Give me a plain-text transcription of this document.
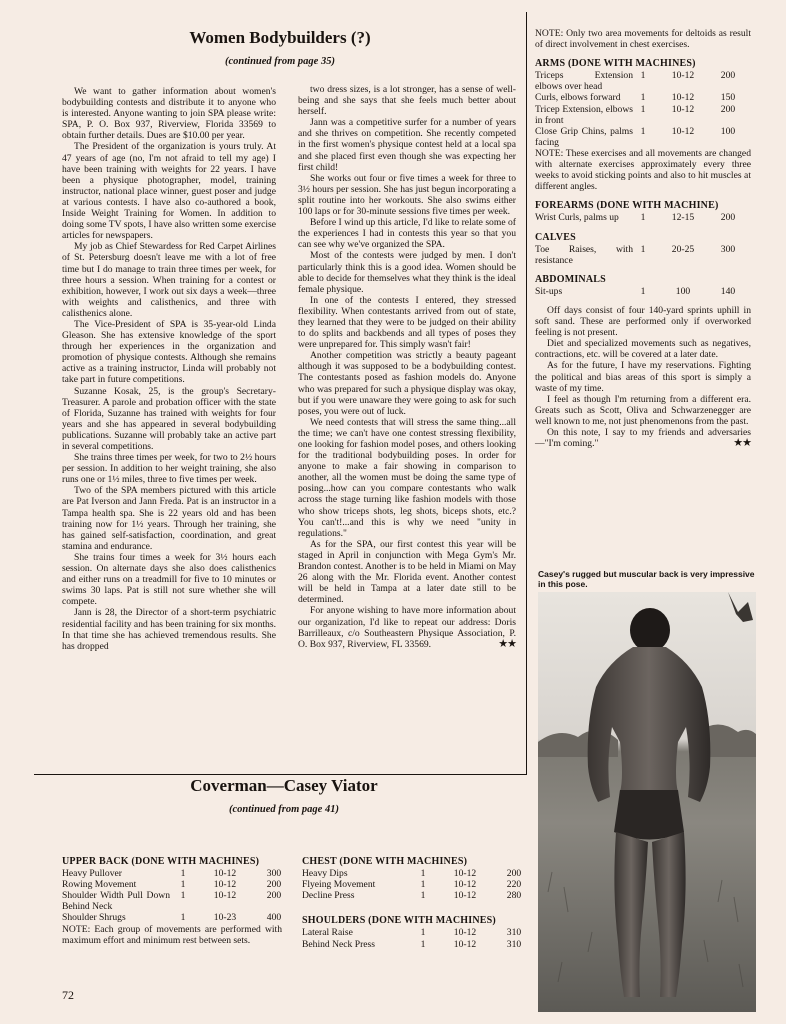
Women Bodybuilders (?)
(continued from page 35)

We want to gather information about women's bodybuilding contests and distribute it to anyone who is interested. Anyone wanting to join SPA please write: SPA, P. O. Box 937, Riverview, Florida 33569 to obtain further details. Dues are $10.00 per year.

The President of the organization is yours truly. At 47 years of age (no, I'm not afraid to tell my age) I have been training with weights for 22 years. I have been a physique photographer, model, training instructor, national place winner, guest poser and judge at various contests. I have also co-authored a book, Inside Weight Training for Women. In addition to doing some TV spots, I have also written some exercise articles for newspapers.

My job as Chief Stewardess for Red Carpet Airlines of St. Petersburg doesn't leave me with a lot of free time but I do manage to train three times per week, for three hours a session. When training for a contest or exhibition, however, I work out six days a week—three with weights and calisthenics, and three with calisthenics alone.

The Vice-President of SPA is 35-year-old Linda Gleason. She has extensive knowledge of the sport through her experiences in the organization and promotion of physique contests. Although she remains active as a training instructor, Linda will probably not take part in future competitions.

Suzanne Kosak, 25, is the group's Secretary-Treasurer. A parole and probation officer with the state of Florida, Suzanne has trained with weights for four years and she has appeared in several bodybuilding publications. Suzanne will probably take an active part in several competitions.

She trains three times per week, for two to 2½ hours per session. In addition to her weight training, she also runs one or 1½ miles, three to five times per week.

Two of the SPA members pictured with this article are Pat Iverson and Jann Freda. Pat is an instructor in a Tampa health spa. She is 22 years old and has been training now for 1½ years. Through her training, she has gained self-satisfaction, coordination, and great stamina and endurance.

She trains four times a week for 3½ hours each session. On alternate days she also does calisthenics and either runs on a treadmill for five to 10 minutes or swims 30 laps. Pat is still not sure whether she will compete.

Jann is 28, the Director of a short-term psychiatric residential facility and has been training for six months. In that time she has achieved tremendous results. She has dropped

two dress sizes, is a lot stronger, has a sense of well-being and she says that she feels much better about herself.

Jann was a competitive surfer for a number of years and she thrives on competition. She recently competed in the first women's physique contest held at a local spa and she placed first even though she was expecting her first child!

She works out four or five times a week for three to 3½ hours per session. She has just begun incorporating a split routine into her workouts. She also swims either 100 laps or for 30-minute sessions five times per week.

Before I wind up this article, I'd like to relate some of the experiences I had in contests this year so that you can see why we've organized the SPA.

Most of the contests were judged by men. I don't particularly think this is a good idea. Women should be able to decide for themselves what they think is the ideal female physique.

In one of the contests I entered, they stressed flexibility. When contestants arrived from out of state, they learned that they were to be judged on their ability to do splits and backbends and all types of poses they were unprepared for. This simply wasn't fair!

Another competition was strictly a beauty pageant although it was supposed to be a bodybuilding contest. The contestants posed as fashion models do. Anyone who was prepared for such a physique display was okay, but if you were unaware they were going to ask for such poses, you were out of luck.

We need contests that will stress the same thing...all the time; we can't have one contest stressing flexibility, one looking for fashion model poses, and others looking for the traditional bodybuilding poses. In order for anyone to make a fair showing in comparison to another, all the women must be doing the same type of posing...how can you compare contestants who walk across the stage turning like fashion models with those who show triceps shots, leg shots, biceps shots, etc.? You can't!...and this is why we need "unity in regulations."

As for the SPA, our first contest this year will be staged in April in conjunction with Mega Gym's Mr. Brandon contest. Another is to be held in Miami on May 26 along with the Mr. Florida event. Another contest will be held in Tampa at a later date still to be determined.

For anyone wishing to have more information about our organization, I'd like to repeat our address: Doris Barrilleaux, c/o Southeastern Physique Association, P. O. Box 937, Riverview, FL 33569.	★★

NOTE: Only two area movements for deltoids as result of direct involvement in chest exercises.

ARMS (DONE WITH MACHINES)
Triceps Extension elbows over head
1	10-12	200
Curls, elbows forward	1	10-12	150
Tricep Extension, elbows in front
1	10-12	200
Close Grip Chins, palms facing
1	10-12	100

NOTE: These exercises and all movements are changed with alternate exercises approximately every three weeks to avoid sticking points and also to hit muscles at different angles.

FOREARMS (DONE WITH MACHINE)
Wrist Curls, palms up	1	12-15	200
CALVES
Toe Raises, with resistance
1	20-25	300
ABDOMINALS
Sit-ups	1	100	140

Off days consist of four 140-yard sprints uphill in soft sand. These are performed only if overworked feeling is not present.

Diet and specialized movements such as negatives, contractions, etc. will be covered at a later date.

As for the future, I have my reservations. Fighting the political and bias areas of this sport is simply a waste of my time.

I feel as though I'm returning from a different era. Greats such as Scott, Oliva and Schwarzenegger are well known to me, not just phenomenons from the past.

On this note, I say to my friends and adversaries—"I'm coming."	★★

Casey's rugged but muscular back is very impressive in this pose.
Coverman—Casey Viator
(continued from page 41)
UPPER BACK (DONE WITH MACHINES)
Heavy Pullover	1	10-12	300
Rowing Movement	1	10-12	200
Shoulder Width Pull Down Behind Neck
1	10-12	200
Shoulder Shrugs	1	10-23	400

NOTE: Each group of movements are performed with maximum effort and minimum rest between sets.

CHEST (DONE WITH MACHINES)
Heavy Dips	1	10-12	200
Flyeing Movement	1	10-12	220
Decline Press	1	10-12	280
SHOULDERS (DONE WITH MACHINES)
Lateral Raise	1	10-12	310
Behind Neck Press	1	10-12	310
72
